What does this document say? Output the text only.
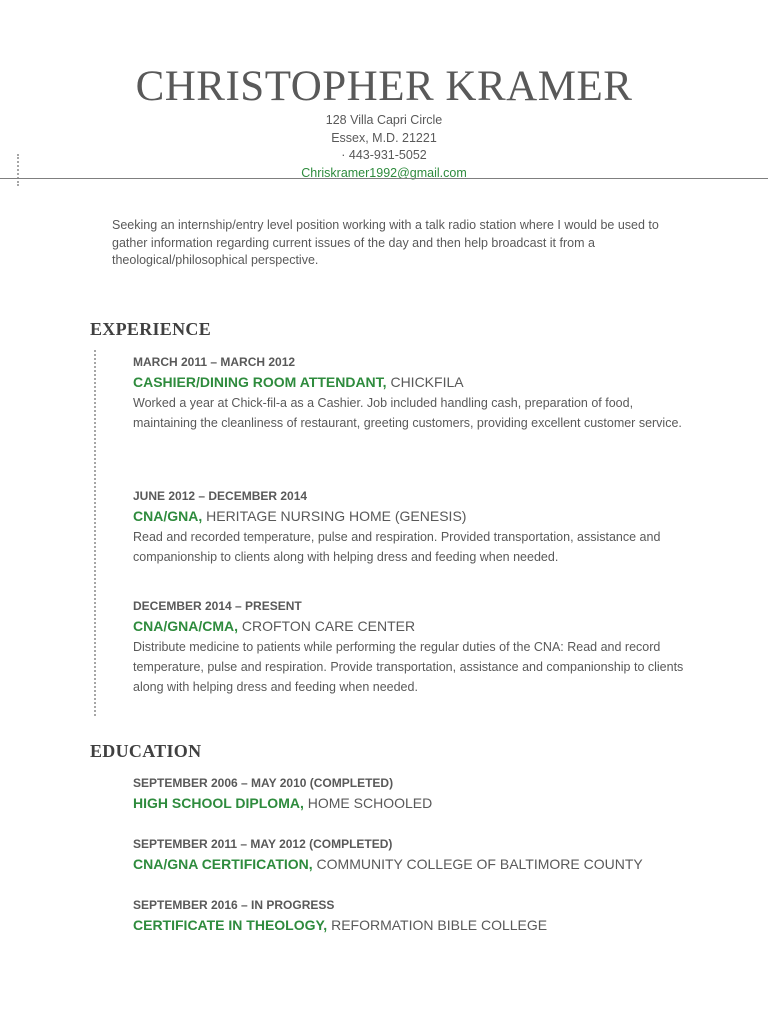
CHRISTOPHER KRAMER
128 Villa Capri Circle
Essex, M.D. 21221
· 443-931-5052
Chriskramer1992@gmail.com

Seeking an internship/entry level position working with a talk radio station where I would be used to gather information regarding current issues of the day and then help broadcast it from a theological/philosophical perspective.

EXPERIENCE
MARCH 2011 – MARCH 2012
CASHIER/DINING ROOM ATTENDANT, CHICKFILA

Worked a year at Chick-fil-a as a Cashier. Job included handling cash, preparation of food, maintaining the cleanliness of restaurant, greeting customers, providing excellent customer service.

JUNE 2012 – DECEMBER 2014
CNA/GNA, HERITAGE NURSING HOME (GENESIS)

Read and recorded temperature, pulse and respiration. Provided transportation, assistance and companionship to clients along with helping dress and feeding when needed.

DECEMBER 2014 – PRESENT
CNA/GNA/CMA, CROFTON CARE CENTER

Distribute medicine to patients while performing the regular duties of the CNA: Read and record temperature, pulse and respiration. Provide transportation, assistance and companionship to clients along with helping dress and feeding when needed.

EDUCATION
SEPTEMBER 2006 – MAY 2010 (COMPLETED)
HIGH SCHOOL DIPLOMA, HOME SCHOOLED
SEPTEMBER 2011 – MAY 2012 (COMPLETED)
CNA/GNA CERTIFICATION, COMMUNITY COLLEGE OF BALTIMORE COUNTY
SEPTEMBER 2016 – IN PROGRESS
CERTIFICATE IN THEOLOGY, REFORMATION BIBLE COLLEGE
